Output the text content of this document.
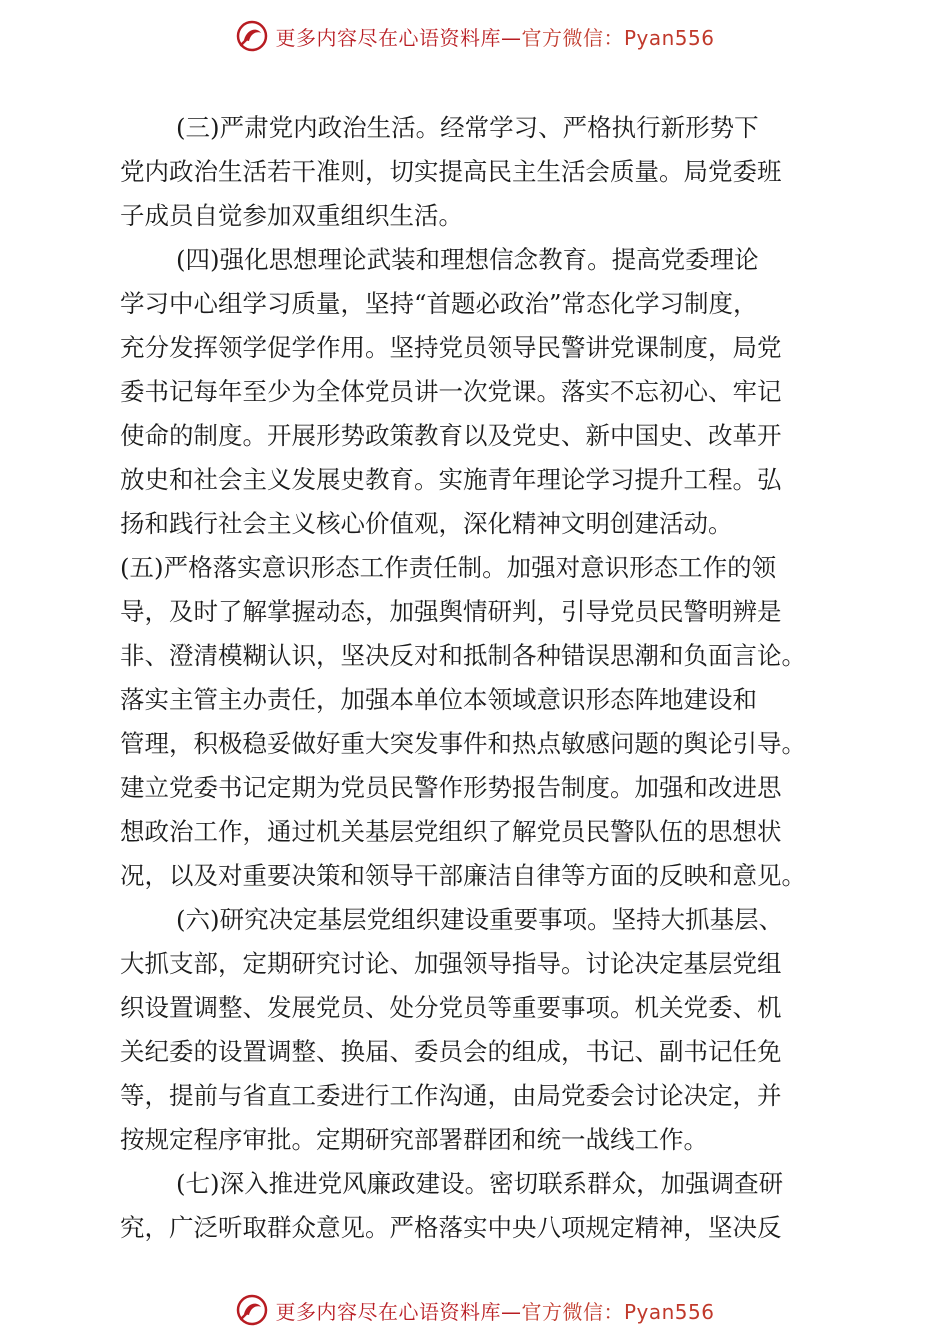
更多内容尽在心语资料库—官方微信：Pyan556
(三)严肃党内政治生活。经常学习、严格执行新形势下
党内政治生活若干准则，切实提高民主生活会质量。局党委班
子成员自觉参加双重组织生活。
(四)强化思想理论武装和理想信念教育。提高党委理论
学习中心组学习质量，坚持“首题必政治”常态化学习制度，
充分发挥领学促学作用。坚持党员领导民警讲党课制度，局党
委书记每年至少为全体党员讲一次党课。落实不忘初心、牢记
使命的制度。开展形势政策教育以及党史、新中国史、改革开
放史和社会主义发展史教育。实施青年理论学习提升工程。弘
扬和践行社会主义核心价值观，深化精神文明创建活动。
(五)严格落实意识形态工作责任制。加强对意识形态工作的领
导，及时了解掌握动态，加强舆情研判，引导党员民警明辨是
非、澄清模糊认识，坚决反对和抵制各种错误思潮和负面言论。
落实主管主办责任，加强本单位本领域意识形态阵地建设和
管理，积极稳妥做好重大突发事件和热点敏感问题的舆论引导。
建立党委书记定期为党员民警作形势报告制度。加强和改进思
想政治工作，通过机关基层党组织了解党员民警队伍的思想状
况，以及对重要决策和领导干部廉洁自律等方面的反映和意见。
(六)研究决定基层党组织建设重要事项。坚持大抓基层、
大抓支部，定期研究讨论、加强领导指导。讨论决定基层党组
织设置调整、发展党员、处分党员等重要事项。机关党委、机
关纪委的设置调整、换届、委员会的组成，书记、副书记任免
等，提前与省直工委进行工作沟通，由局党委会讨论决定，并
按规定程序审批。定期研究部署群团和统一战线工作。
(七)深入推进党风廉政建设。密切联系群众，加强调查研
究，广泛听取群众意见。严格落实中央八项规定精神，坚决反
更多内容尽在心语资料库—官方微信：Pyan556
